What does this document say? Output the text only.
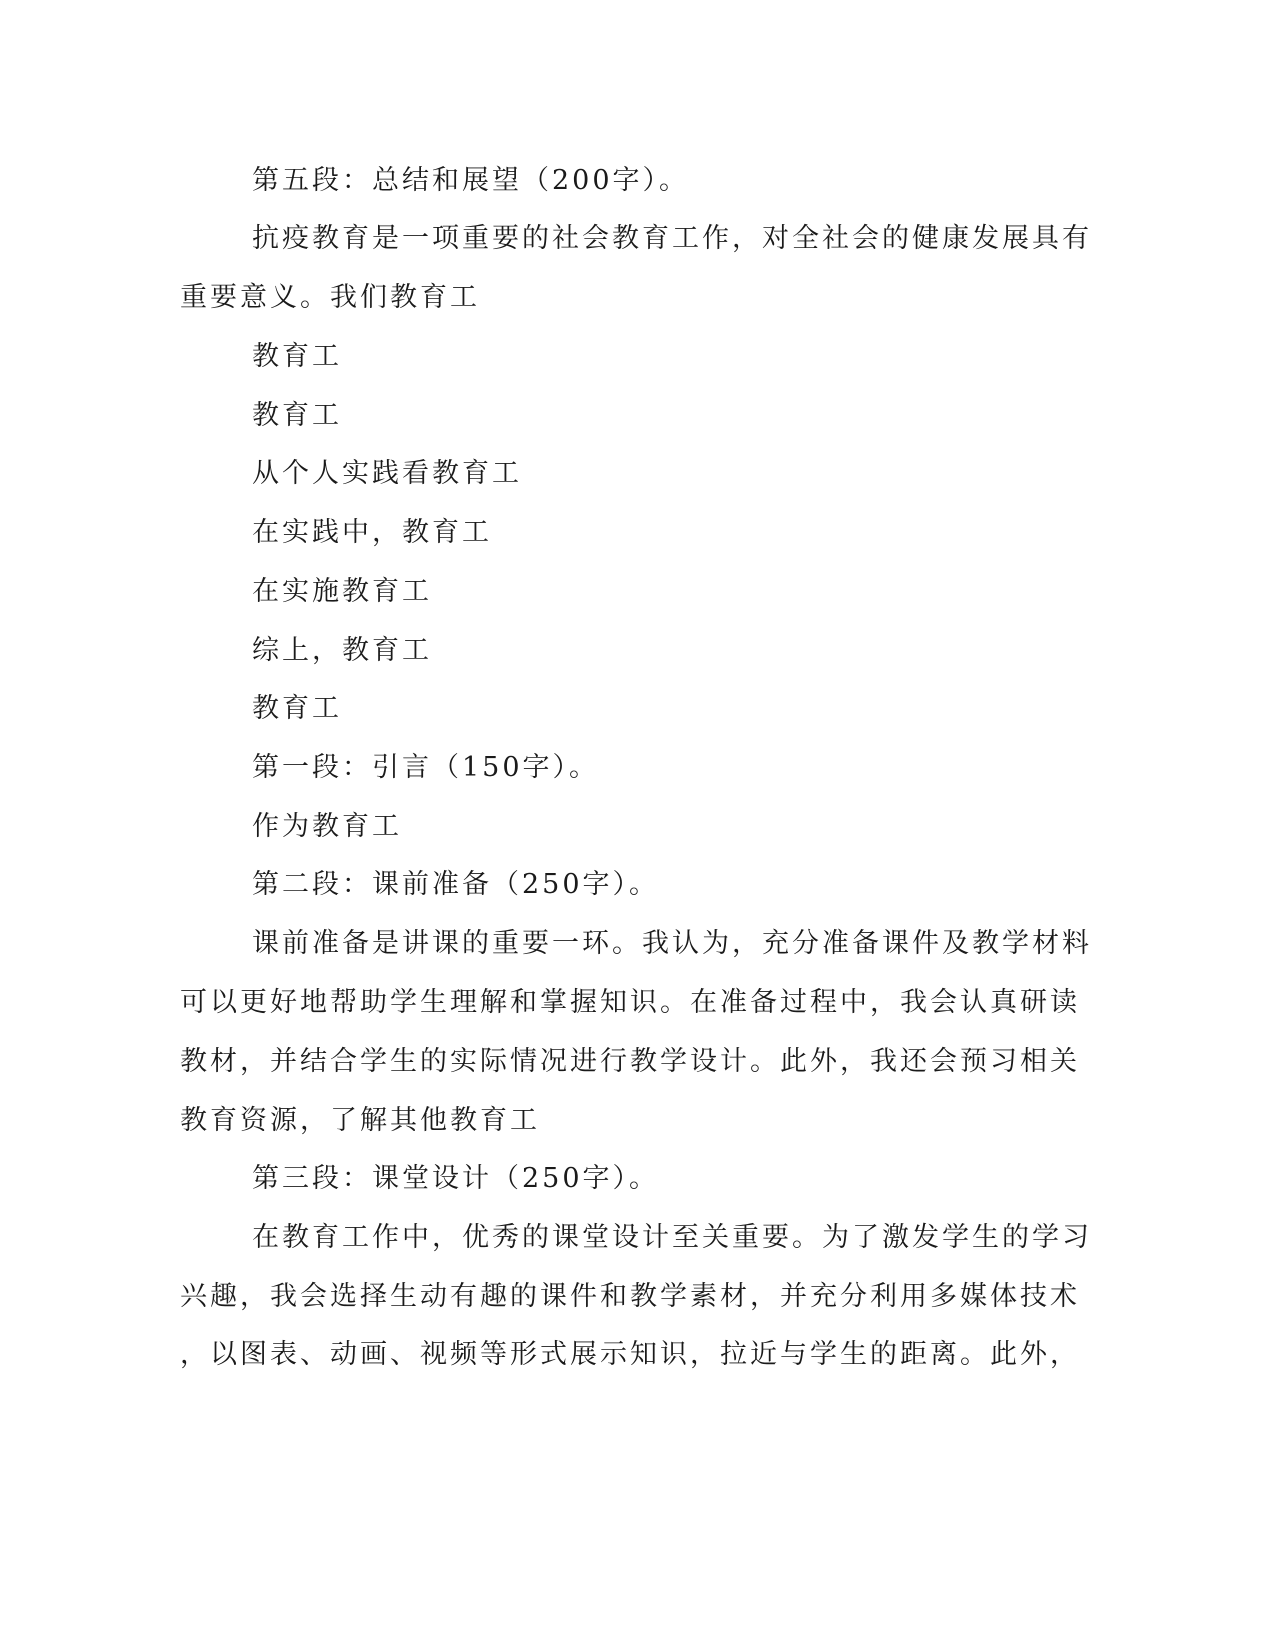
第五段：总结和展望（200字）。
抗疫教育是一项重要的社会教育工作，对全社会的健康发展具有
重要意义。我们教育工
教育工
教育工
从个人实践看教育工
在实践中，教育工
在实施教育工
综上，教育工
教育工
第一段：引言（150字）。
作为教育工
第二段：课前准备（250字）。
课前准备是讲课的重要一环。我认为，充分准备课件及教学材料
可以更好地帮助学生理解和掌握知识。在准备过程中，我会认真研读
教材，并结合学生的实际情况进行教学设计。此外，我还会预习相关
教育资源，了解其他教育工
第三段：课堂设计（250字）。
在教育工作中，优秀的课堂设计至关重要。为了激发学生的学习
兴趣，我会选择生动有趣的课件和教学素材，并充分利用多媒体技术
，以图表、动画、视频等形式展示知识，拉近与学生的距离。此外，
